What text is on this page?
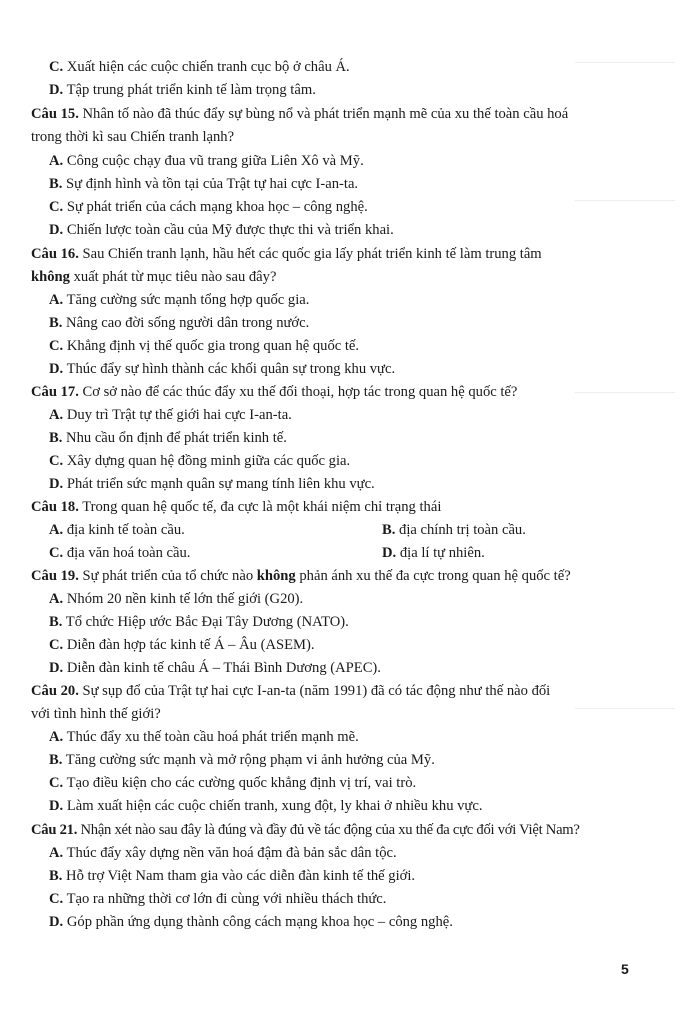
C. Xuất hiện các cuộc chiến tranh cục bộ ở châu Á.
D. Tập trung phát triển kinh tế làm trọng tâm.
Câu 15. Nhân tố nào đã thúc đẩy sự bùng nổ và phát triển mạnh mẽ của xu thế toàn cầu hoá
trong thời kì sau Chiến tranh lạnh?
A. Công cuộc chạy đua vũ trang giữa Liên Xô và Mỹ.
B. Sự định hình và tồn tại của Trật tự hai cực I-an-ta.
C. Sự phát triển của cách mạng khoa học – công nghệ.
D. Chiến lược toàn cầu của Mỹ được thực thi và triển khai.
Câu 16. Sau Chiến tranh lạnh, hầu hết các quốc gia lấy phát triển kinh tế làm trung tâm
không xuất phát từ mục tiêu nào sau đây?
A. Tăng cường sức mạnh tổng hợp quốc gia.
B. Nâng cao đời sống người dân trong nước.
C. Khẳng định vị thế quốc gia trong quan hệ quốc tế.
D. Thúc đẩy sự hình thành các khối quân sự trong khu vực.
Câu 17. Cơ sở nào để các thúc đẩy xu thế đối thoại, hợp tác trong quan hệ quốc tế?
A. Duy trì Trật tự thế giới hai cực I-an-ta.
B. Nhu cầu ổn định để phát triển kinh tế.
C. Xây dựng quan hệ đồng minh giữa các quốc gia.
D. Phát triển sức mạnh quân sự mang tính liên khu vực.
Câu 18. Trong quan hệ quốc tế, đa cực là một khái niệm chỉ trạng thái
A. địa kinh tế toàn cầu.	B. địa chính trị toàn cầu.
C. địa văn hoá toàn cầu.	D. địa lí tự nhiên.
Câu 19. Sự phát triển của tổ chức nào không phản ánh xu thế đa cực trong quan hệ quốc tế?
A. Nhóm 20 nền kinh tế lớn thế giới (G20).
B. Tổ chức Hiệp ước Bắc Đại Tây Dương (NATO).
C. Diễn đàn hợp tác kinh tế Á – Âu (ASEM).
D. Diễn đàn kinh tế châu Á – Thái Bình Dương (APEC).
Câu 20. Sự sụp đổ của Trật tự hai cực I-an-ta (năm 1991) đã có tác động như thế nào đối
với tình hình thế giới?
A. Thúc đẩy xu thế toàn cầu hoá phát triển mạnh mẽ.
B. Tăng cường sức mạnh và mở rộng phạm vi ảnh hưởng của Mỹ.
C. Tạo điều kiện cho các cường quốc khẳng định vị trí, vai trò.
D. Làm xuất hiện các cuộc chiến tranh, xung đột, ly khai ở nhiều khu vực.
Câu 21. Nhận xét nào sau đây là đúng và đầy đủ về tác động của xu thế đa cực đối với Việt Nam?
A. Thúc đẩy xây dựng nền văn hoá đậm đà bản sắc dân tộc.
B. Hỗ trợ Việt Nam tham gia vào các diễn đàn kinh tế thế giới.
C. Tạo ra những thời cơ lớn đi cùng với nhiều thách thức.
D. Góp phần ứng dụng thành công cách mạng khoa học – công nghệ.
5
